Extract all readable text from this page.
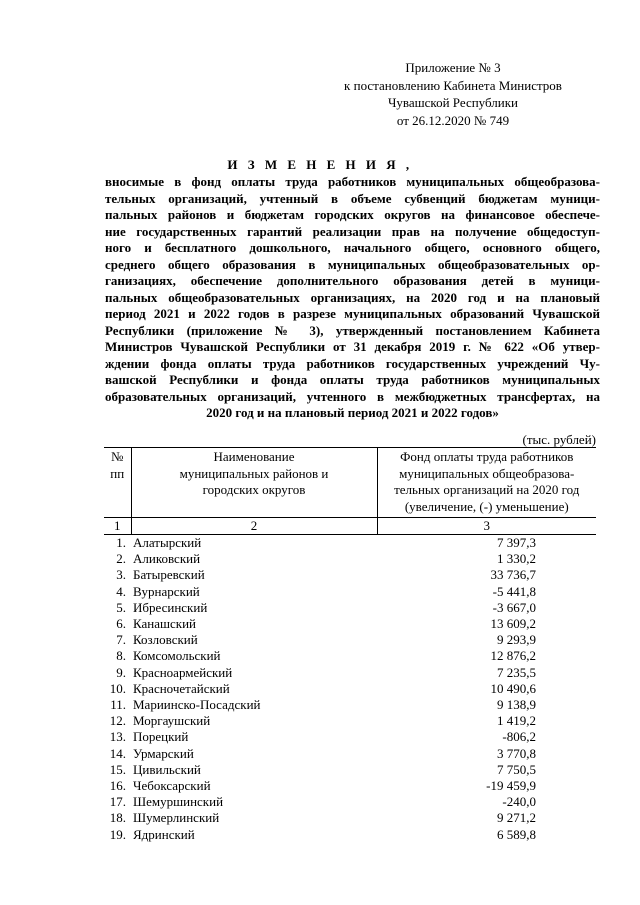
Приложение № 3
к постановлению Кабинета Министров
Чувашской Республики
от 26.12.2020 № 749
И З М Е Н Е Н И Я ,
вносимые в фонд оплаты труда работников муниципальных общеобразова-
тельных организаций, учтенный в объеме субвенций бюджетам муници-
пальных районов и бюджетам городских округов на финансовое обеспече-
ние государственных гарантий реализации прав на получение общедоступ-
ного и бесплатного дошкольного, начального общего, основного общего,
среднего общего образования в муниципальных общеобразовательных ор-
ганизациях, обеспечение дополнительного образования детей в муници-
пальных общеобразовательных организациях, на 2020 год и на плановый
период 2021 и 2022 годов в разрезе муниципальных образований Чувашской
Республики (приложение № 3), утвержденный постановлением Кабинета
Министров Чувашской Республики от 31 декабря 2019 г. № 622 «Об утвер-
ждении фонда оплаты труда работников государственных учреждений Чу-
вашской Республики и фонда оплаты труда работников муниципальных
образовательных организаций, учтенного в межбюджетных трансфертах, на
2020 год и на плановый период 2021 и 2022 годов»
(тыс. рублей)
№ пп	Наименование муниципальных районов и городских округов	Фонд оплаты труда работников муниципальных общеобразова-тельных организаций на 2020 год (увеличение, (-) уменьшение)

1	2	3
1.	Алатырский	7 397,3
2.	Аликовский	1 330,2
3.	Батыревский	33 736,7
4.	Вурнарский	-5 441,8
5.	Ибресинский	-3 667,0
6.	Канашский	13 609,2
7.	Козловский	9 293,9
8.	Комсомольский	12 876,2
9.	Красноармейский	7 235,5
10.	Красночетайский	10 490,6
11.	Мариинско-Посадский	9 138,9
12.	Моргаушский	1 419,2
13.	Порецкий	-806,2
14.	Урмарский	3 770,8
15.	Цивильский	7 750,5
16.	Чебоксарский	-19 459,9
17.	Шемуршинский	-240,0
18.	Шумерлинский	9 271,2
19.	Ядринский	6 589,8
